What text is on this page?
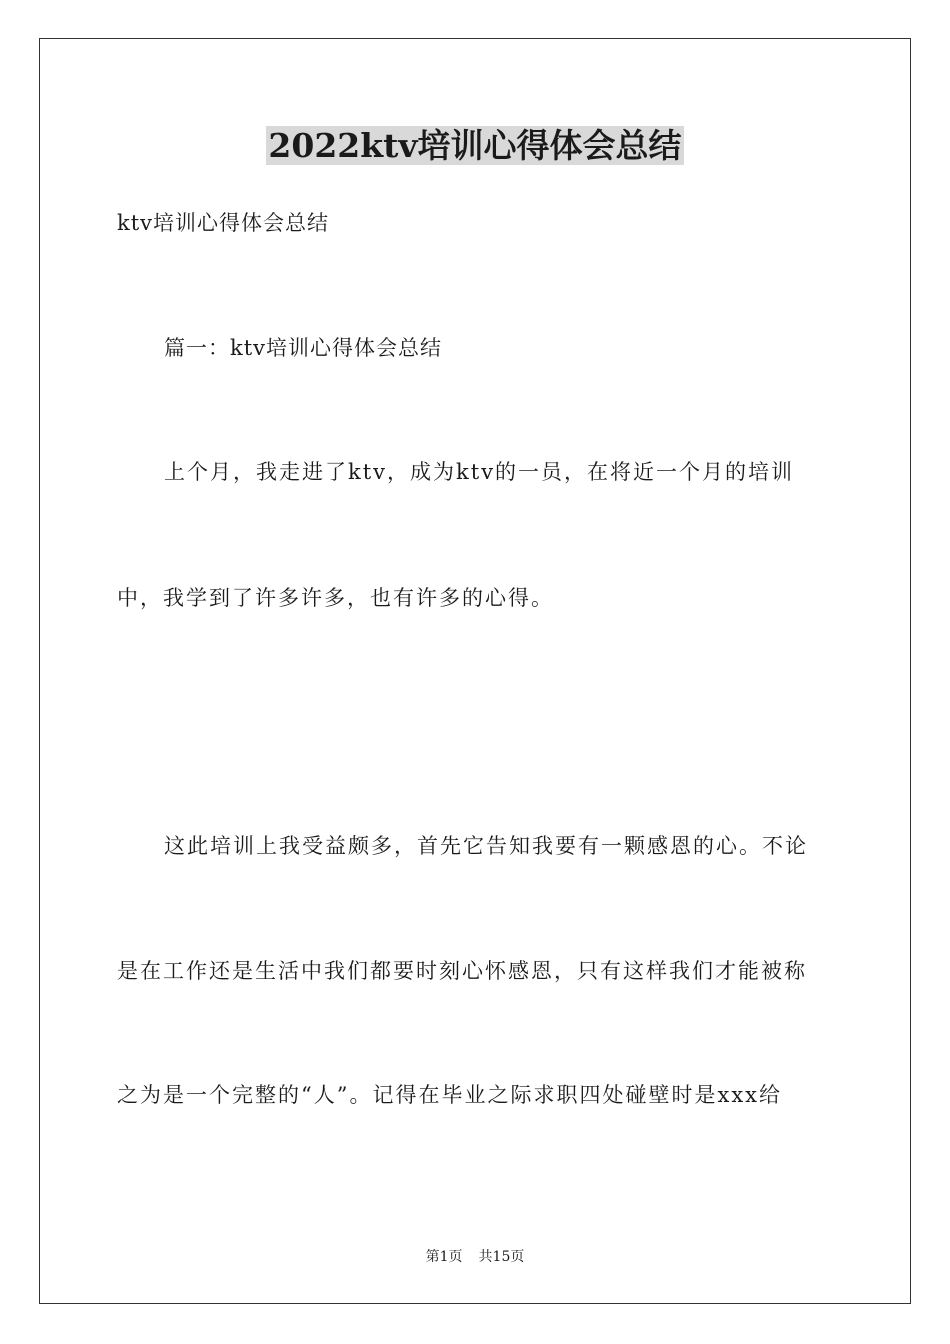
2022ktv培训心得体会总结
ktv培训心得体会总结
篇一：ktv培训心得体会总结
上个月，我走进了ktv，成为ktv的一员，在将近一个月的培训
中，我学到了许多许多，也有许多的心得。
这此培训上我受益颇多，首先它告知我要有一颗感恩的心。不论
是在工作还是生活中我们都要时刻心怀感恩，只有这样我们才能被称
之为是一个完整的“人”。记得在毕业之际求职四处碰壁时是xxx给
第1页 共15页
